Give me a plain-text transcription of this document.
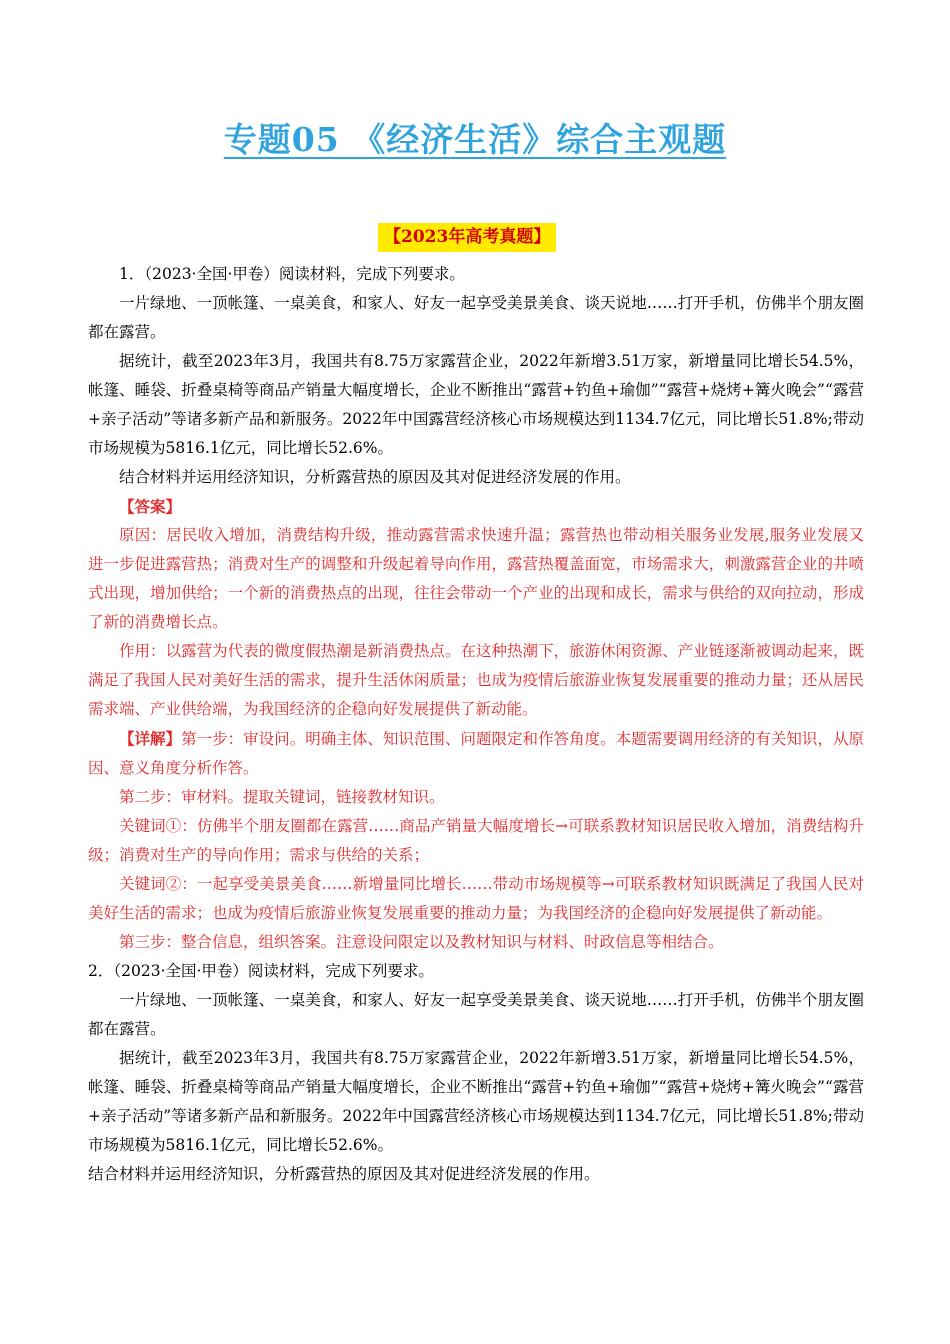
专题05 《经济生活》综合主观题
【2023年高考真题】

1．（2023·全国·甲卷）阅读材料，完成下列要求。

一片绿地、一顶帐篷、一桌美食，和家人、好友一起享受美景美食、谈天说地……打开手机，仿佛半个朋友圈都在露营。

据统计，截至2023年3月，我国共有8.75万家露营企业，2022年新增3.51万家，新增量同比增长54.5%，帐篷、睡袋、折叠桌椅等商品产销量大幅度增长，企业不断推出“露营+钓鱼+瑜伽”“露营+烧烤+篝火晚会”“露营+亲子活动”等诸多新产品和新服务。2022年中国露营经济核心市场规模达到1134.7亿元，同比增长51.8%;带动市场规模为5816.1亿元，同比增长52.6%。

结合材料并运用经济知识，分析露营热的原因及其对促进经济发展的作用。

【答案】

原因：居民收入增加，消费结构升级，推动露营需求快速升温；露营热也带动相关服务业发展,服务业发展又进一步促进露营热；消费对生产的调整和升级起着导向作用，露营热覆盖面宽，市场需求大，刺激露营企业的井喷式出现，增加供给；一个新的消费热点的出现，往往会带动一个产业的出现和成长，需求与供给的双向拉动，形成了新的消费增长点。

作用：以露营为代表的微度假热潮是新消费热点。在这种热潮下，旅游休闲资源、产业链逐渐被调动起来，既满足了我国人民对美好生活的需求，提升生活休闲质量；也成为疫情后旅游业恢复发展重要的推动力量；还从居民需求端、产业供给端，为我国经济的企稳向好发展提供了新动能。

【详解】第一步：审设问。明确主体、知识范围、问题限定和作答角度。本题需要调用经济的有关知识，从原因、意义角度分析作答。

第二步：审材料。提取关键词，链接教材知识。

关键词①：仿佛半个朋友圈都在露营……商品产销量大幅度增长→可联系教材知识居民收入增加，消费结构升级；消费对生产的导向作用；需求与供给的关系；

关键词②：一起享受美景美食……新增量同比增长……带动市场规模等→可联系教材知识既满足了我国人民对美好生活的需求；也成为疫情后旅游业恢复发展重要的推动力量；为我国经济的企稳向好发展提供了新动能。

第三步：整合信息，组织答案。注意设问限定以及教材知识与材料、时政信息等相结合。

2．（2023·全国·甲卷）阅读材料，完成下列要求。

一片绿地、一顶帐篷、一桌美食，和家人、好友一起享受美景美食、谈天说地……打开手机，仿佛半个朋友圈都在露营。

据统计，截至2023年3月，我国共有8.75万家露营企业，2022年新增3.51万家，新增量同比增长54.5%，帐篷、睡袋、折叠桌椅等商品产销量大幅度增长，企业不断推出“露营+钓鱼+瑜伽”“露营+烧烤+篝火晚会”“露营+亲子活动”等诸多新产品和新服务。2022年中国露营经济核心市场规模达到1134.7亿元，同比增长51.8%;带动市场规模为5816.1亿元，同比增长52.6%。

结合材料并运用经济知识，分析露营热的原因及其对促进经济发展的作用。
